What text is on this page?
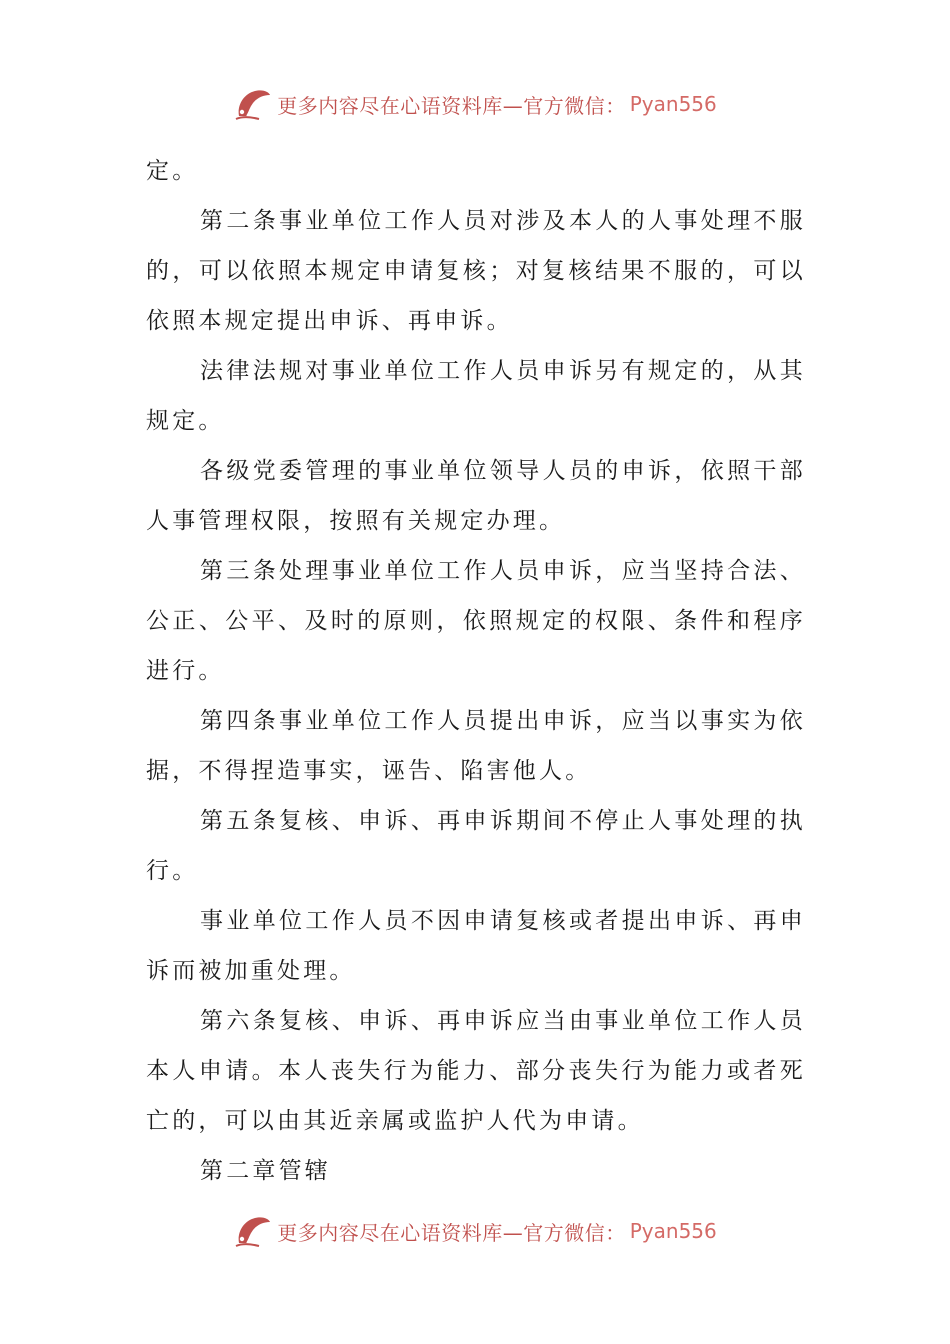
更多内容尽在心语资料库—官方微信： Pyan556

定。

第二条事业单位工作人员对涉及本人的人事处理不服的，可以依照本规定申请复核；对复核结果不服的，可以依照本规定提出申诉、再申诉。

法律法规对事业单位工作人员申诉另有规定的，从其规定。

各级党委管理的事业单位领导人员的申诉，依照干部人事管理权限，按照有关规定办理。

第三条处理事业单位工作人员申诉，应当坚持合法、公正、公平、及时的原则，依照规定的权限、条件和程序进行。

第四条事业单位工作人员提出申诉，应当以事实为依据，不得捏造事实，诬告、陷害他人。

第五条复核、申诉、再申诉期间不停止人事处理的执行。

事业单位工作人员不因申请复核或者提出申诉、再申诉而被加重处理。

第六条复核、申诉、再申诉应当由事业单位工作人员本人申请。本人丧失行为能力、部分丧失行为能力或者死亡的，可以由其近亲属或监护人代为申请。

第二章管辖

更多内容尽在心语资料库—官方微信： Pyan556
